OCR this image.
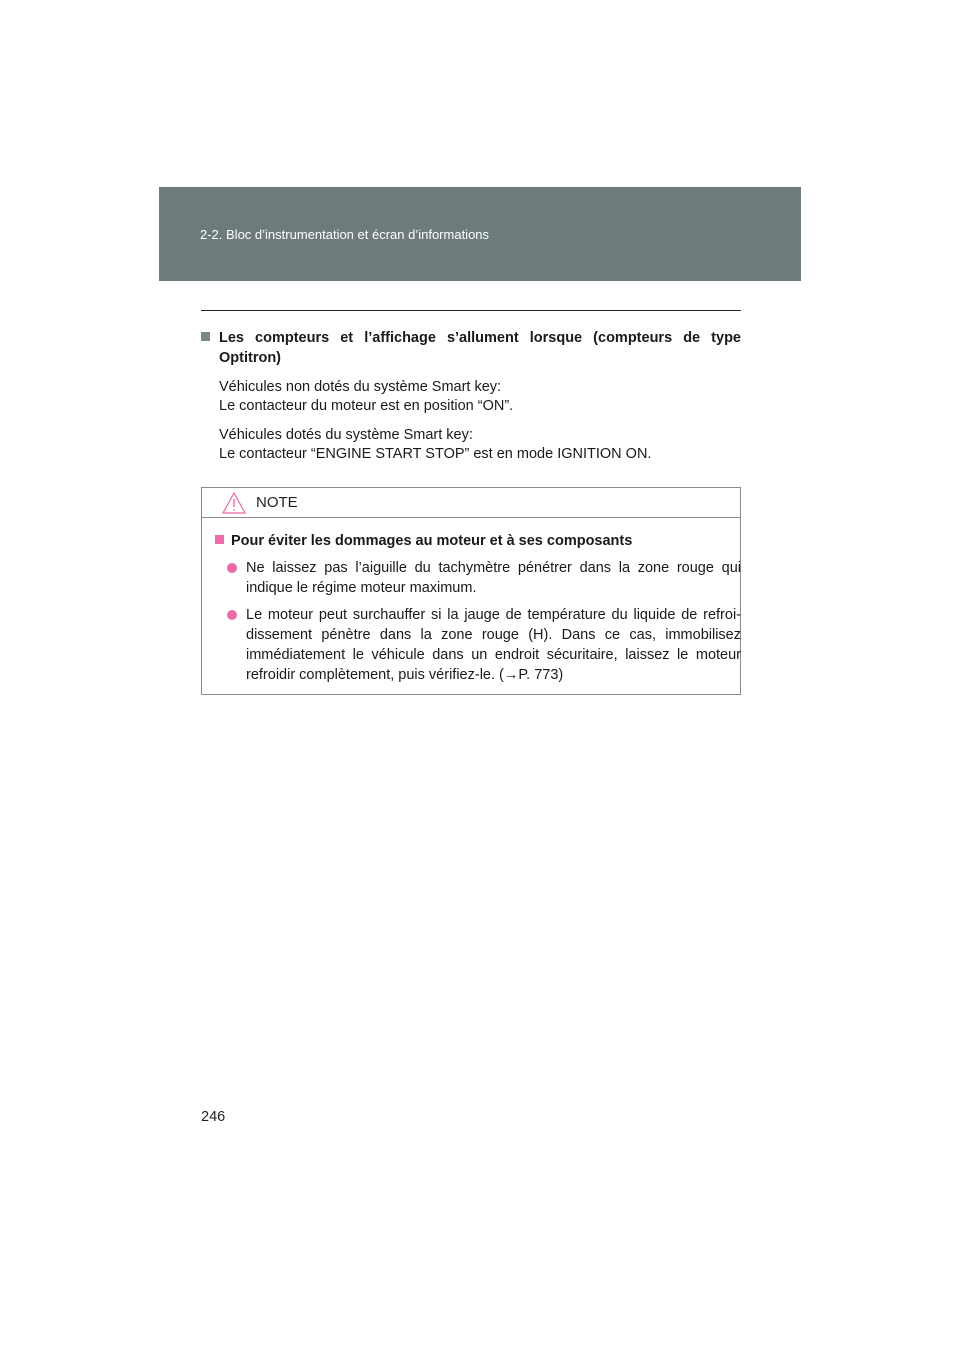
2-2. Bloc d’instrumentation et écran d’informations

Les compteurs et l’affichage s’allument lorsque (compteurs de type Optitron)

Véhicules non dotés du système Smart key:
Le contacteur du moteur est en position “ON”.
Véhicules dotés du système Smart key:
Le contacteur “ENGINE START STOP” est en mode IGNITION ON.
NOTE

Pour éviter les dommages au moteur et à ses composants

Ne laissez pas l’aiguille du tachymètre pénétrer dans la zone rouge qui indique le régime moteur maximum.
Le moteur peut surchauffer si la jauge de température du liquide de refroi-dissement pénètre dans la zone rouge (H). Dans ce cas, immobilisez immédiatement le véhicule dans un endroit sécuritaire, laissez le moteur refroidir complètement, puis vérifiez-le. (→P. 773)
246
